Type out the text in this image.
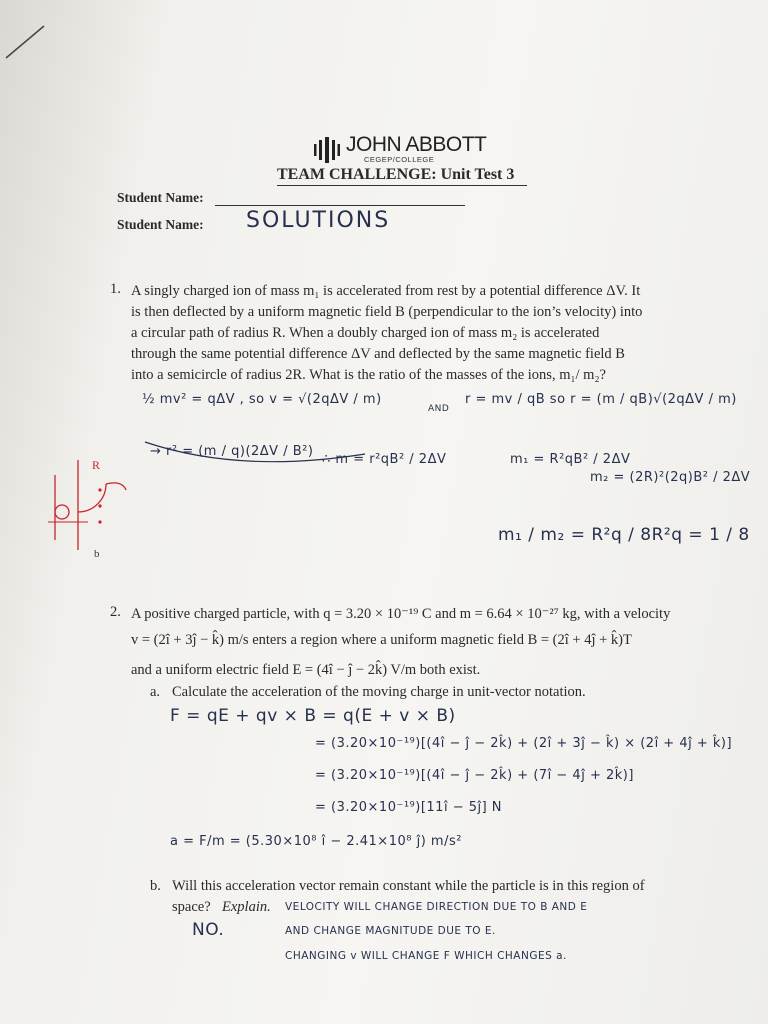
JOHN ABBOTT
CEGEP/COLLEGE
TEAM CHALLENGE: Unit Test 3
Student Name:
Student Name: SOLUTIONS
1. A singly charged ion of mass m₁ is accelerated from rest by a potential difference ΔV. It
is then deflected by a uniform magnetic field B (perpendicular to the ion’s velocity) into
a circular path of radius R. When a doubly charged ion of mass m₂ is accelerated
through the same potential difference ΔV and deflected by the same magnetic field B
into a semicircle of radius 2R. What is the ratio of the masses of the ions, m₁/ m₂?
½ mv² = qΔV , so v = √(2qΔV / m)
AND
r = mv / qB so r = (m / qB)√(2qΔV / m)
→ r² = (m / q)(2ΔV / B²)
∴ m = r²qB² / 2ΔV	m₁ = R²qB² / 2ΔV
m₂ = (2R)²(2q)B² / 2ΔV
m₁ / m₂ = R²q / 8R²q = 1 / 8
R
b
2. A positive charged particle, with q = 3.20 × 10⁻¹⁹ C and m = 6.64 × 10⁻²⁷ kg, with a velocity
v = (2î + 3ĵ − k̂) m/s enters a region where a uniform magnetic field B = (2î + 4ĵ + k̂)T
and a uniform electric field E = (4î − ĵ − 2k̂) V/m both exist.
a. Calculate the acceleration of the moving charge in unit-vector notation.
F = qE + qv × B = q(E + v × B)
= (3.20×10⁻¹⁹)[(4î − ĵ − 2k̂) + (2î + 3ĵ − k̂) × (2î + 4ĵ + k̂)]
= (3.20×10⁻¹⁹)[(4î − ĵ − 2k̂) + (7î − 4ĵ + 2k̂)]
= (3.20×10⁻¹⁹)[11î − 5ĵ] N
a = F/m = (5.30×10⁸ î − 2.41×10⁸ ĵ) m/s²
b. Will this acceleration vector remain constant while the particle is in this region of
space? Explain. VELOCITY WILL CHANGE DIRECTION DUE TO B AND E
NO.	AND CHANGE MAGNITUDE DUE TO E.
CHANGING v WILL CHANGE F WHICH CHANGES a.
